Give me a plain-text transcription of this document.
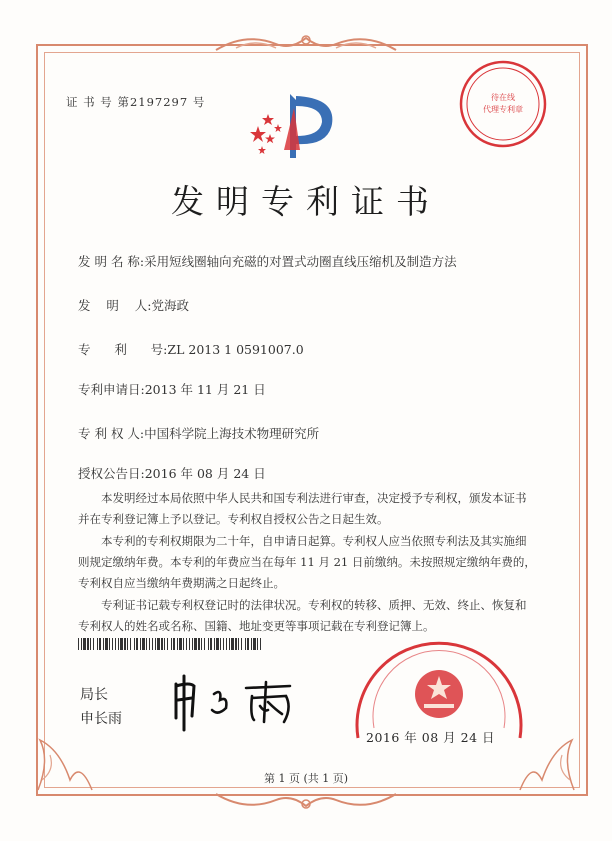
证 书 号 第2197297 号	待在线
代理专利章
发明专利证书
发 明 名 称:采用短线圈轴向充磁的对置式动圈直线压缩机及制造方法
发    明    人:党海政
专      利      号:ZL 2013 1 0591007.0
专利申请日:2013 年 11 月 21 日
专 利 权 人:中国科学院上海技术物理研究所
授权公告日:2016 年 08 月 24 日

本发明经过本局依照中华人民共和国专利法进行审查，决定授予专利权，颁发本证书并在专利登记簿上予以登记。专利权自授权公告之日起生效。

本专利的专利权期限为二十年，自申请日起算。专利权人应当依照专利法及其实施细则规定缴纳年费。本专利的年费应当在每年 11 月 21 日前缴纳。未按照规定缴纳年费的，专利权自应当缴纳年费期满之日起终止。

专利证书记载专利权登记时的法律状况。专利权的转移、质押、无效、终止、恢复和专利权人的姓名或名称、国籍、地址变更等事项记载在专利登记簿上。

局长
申长雨
2016 年 08 月 24 日
第 1 页 (共 1 页)
